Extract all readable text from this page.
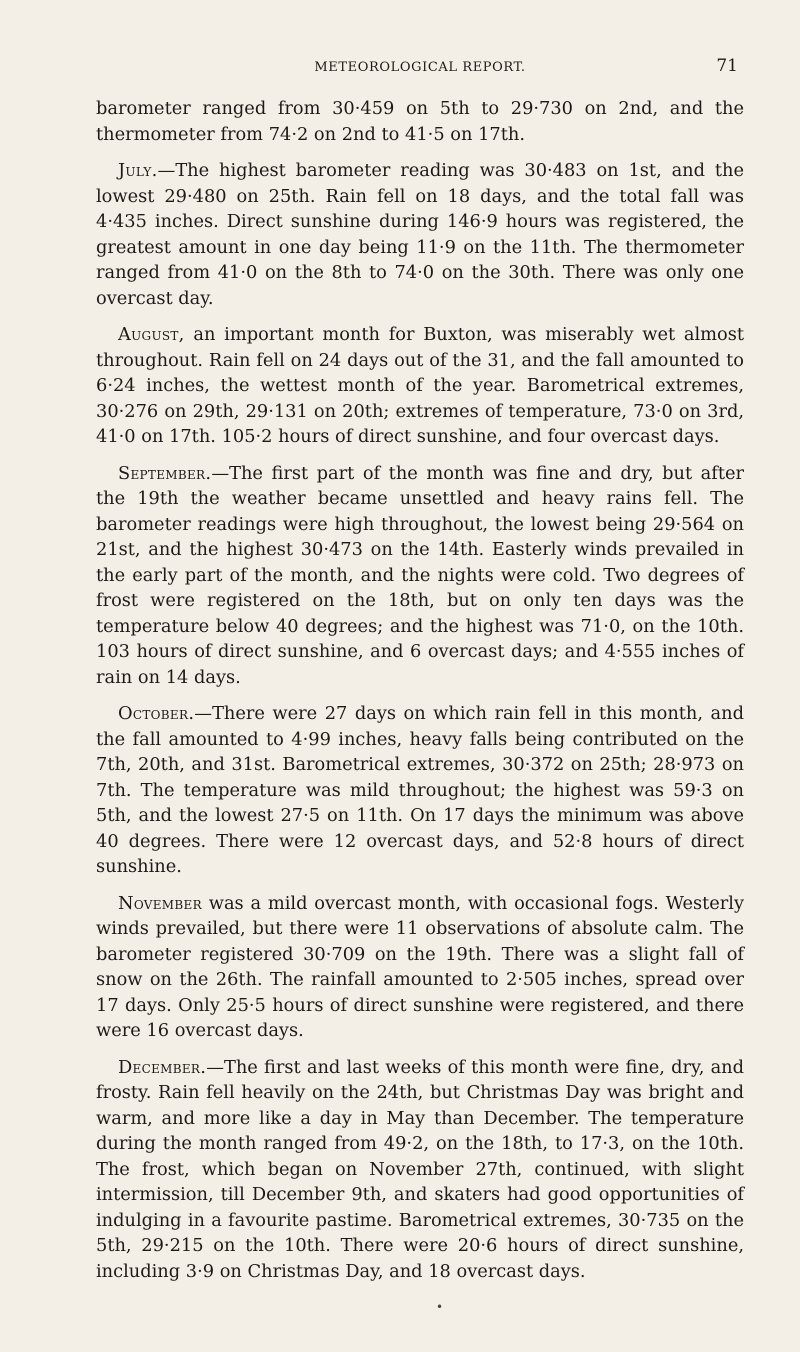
METEOROLOGICAL REPORT.	71

barometer ranged from 30·459 on 5th to 29·730 on 2nd, and the thermometer from 74·2 on 2nd to 41·5 on 17th.

July.—The highest barometer reading was 30·483 on 1st, and the lowest 29·480 on 25th. Rain fell on 18 days, and the total fall was 4·435 inches. Direct sunshine during 146·9 hours was registered, the greatest amount in one day being 11·9 on the 11th. The thermometer ranged from 41·0 on the 8th to 74·0 on the 30th. There was only one overcast day.

August, an important month for Buxton, was miserably wet almost throughout. Rain fell on 24 days out of the 31, and the fall amounted to 6·24 inches, the wettest month of the year. Barometrical extremes, 30·276 on 29th, 29·131 on 20th; extremes of temperature, 73·0 on 3rd, 41·0 on 17th. 105·2 hours of direct sunshine, and four overcast days.

September.—The first part of the month was fine and dry, but after the 19th the weather became unsettled and heavy rains fell. The barometer readings were high throughout, the lowest being 29·564 on 21st, and the highest 30·473 on the 14th. Easterly winds prevailed in the early part of the month, and the nights were cold. Two degrees of frost were registered on the 18th, but on only ten days was the temperature below 40 degrees; and the highest was 71·0, on the 10th. 103 hours of direct sunshine, and 6 overcast days; and 4·555 inches of rain on 14 days.

October.—There were 27 days on which rain fell in this month, and the fall amounted to 4·99 inches, heavy falls being contributed on the 7th, 20th, and 31st. Barometrical extremes, 30·372 on 25th; 28·973 on 7th. The temperature was mild throughout; the highest was 59·3 on 5th, and the lowest 27·5 on 11th. On 17 days the minimum was above 40 degrees. There were 12 overcast days, and 52·8 hours of direct sunshine.

November was a mild overcast month, with occasional fogs. Westerly winds prevailed, but there were 11 observations of absolute calm. The barometer registered 30·709 on the 19th. There was a slight fall of snow on the 26th. The rainfall amounted to 2·505 inches, spread over 17 days. Only 25·5 hours of direct sunshine were registered, and there were 16 overcast days.

December.—The first and last weeks of this month were fine, dry, and frosty. Rain fell heavily on the 24th, but Christmas Day was bright and warm, and more like a day in May than December. The temperature during the month ranged from 49·2, on the 18th, to 17·3, on the 10th. The frost, which began on November 27th, continued, with slight intermission, till December 9th, and skaters had good opportunities of indulging in a favourite pastime. Barometrical extremes, 30·735 on the 5th, 29·215 on the 10th. There were 20·6 hours of direct sunshine, including 3·9 on Christmas Day, and 18 overcast days.

•
